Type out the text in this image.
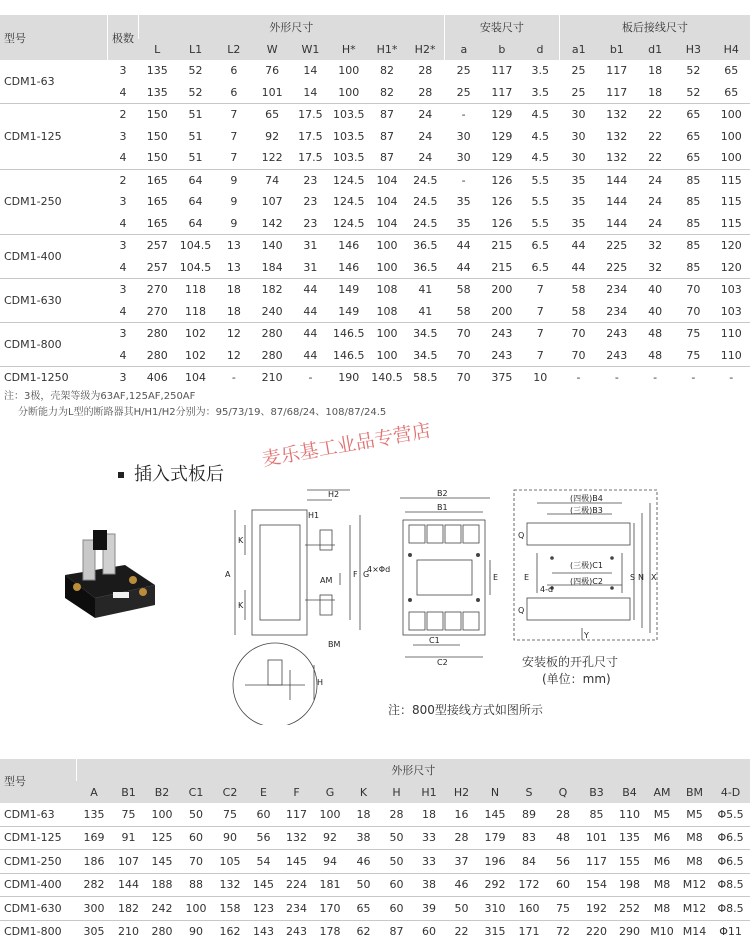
型号	极数	外形尺寸								安装尺寸			板后接线尺寸				
		L	L1	L2	W	W1	H*	H1*	H2*	a	b	d	a1	b1	d1	H3	H4
CDM1-63	3	135	52	6	76	14	100	82	28	25	117	3.5	25	117	18	52	65
	4	135	52	6	101	14	100	82	28	25	117	3.5	25	117	18	52	65
CDM1-125	2	150	51	7	65	17.5	103.5	87	24	-	129	4.5	30	132	22	65	100
	3	150	51	7	92	17.5	103.5	87	24	30	129	4.5	30	132	22	65	100
	4	150	51	7	122	17.5	103.5	87	24	30	129	4.5	30	132	22	65	100
CDM1-250	2	165	64	9	74	23	124.5	104	24.5	-	126	5.5	35	144	24	85	115
	3	165	64	9	107	23	124.5	104	24.5	35	126	5.5	35	144	24	85	115
	4	165	64	9	142	23	124.5	104	24.5	35	126	5.5	35	144	24	85	115
CDM1-400	3	257	104.5	13	140	31	146	100	36.5	44	215	6.5	44	225	32	85	120
	4	257	104.5	13	184	31	146	100	36.5	44	215	6.5	44	225	32	85	120
CDM1-630	3	270	118	18	182	44	149	108	41	58	200	7	58	234	40	70	103
	4	270	118	18	240	44	149	108	41	58	200	7	58	234	40	70	103
CDM1-800	3	280	102	12	280	44	146.5	100	34.5	70	243	7	70	243	48	75	110
	4	280	102	12	280	44	146.5	100	34.5	70	243	7	70	243	48	75	110
CDM1-1250	3	406	104	-	210	-	190	140.5	58.5	70	375	10	-	-	-	-	-
注：3极，壳架等级为63AF,125AF,250AF
分断能力为L型的断路器其H/H1/H2分别为：95/73/19、87/68/24、108/87/24.5
插入式板后
麦乐基工业品专营店
H1
H2
K
K
A
AM
F G
BM
H
B2
B1
4×Φd
E
C1
C2
(四极)B4
(三极)B3
(三极)C1
(四极)C2
4-d
Q
Q
E	S N X
Y
安装板的开孔尺寸
(单位：mm)
注：800型接线方式如图所示
型号	外形尺寸																			
	A	B1	B2	C1	C2	E	F	G	K	H	H1	H2	N	S	Q	B3	B4	AM	BM	4-D
CDM1-63	135	75	100	50	75	60	117	100	18	28	18	16	145	89	28	85	110	M5	M5	Φ5.5
CDM1-125	169	91	125	60	90	56	132	92	38	50	33	28	179	83	48	101	135	M6	M8	Φ6.5
CDM1-250	186	107	145	70	105	54	145	94	46	50	33	37	196	84	56	117	155	M6	M8	Φ6.5
CDM1-400	282	144	188	88	132	145	224	181	50	60	38	46	292	172	60	154	198	M8	M12	Φ8.5
CDM1-630	300	182	242	100	158	123	234	170	65	60	39	50	310	160	75	192	252	M8	M12	Φ8.5
CDM1-800	305	210	280	90	162	143	243	178	62	87	60	22	315	171	72	220	290	M10	M14	Φ11
